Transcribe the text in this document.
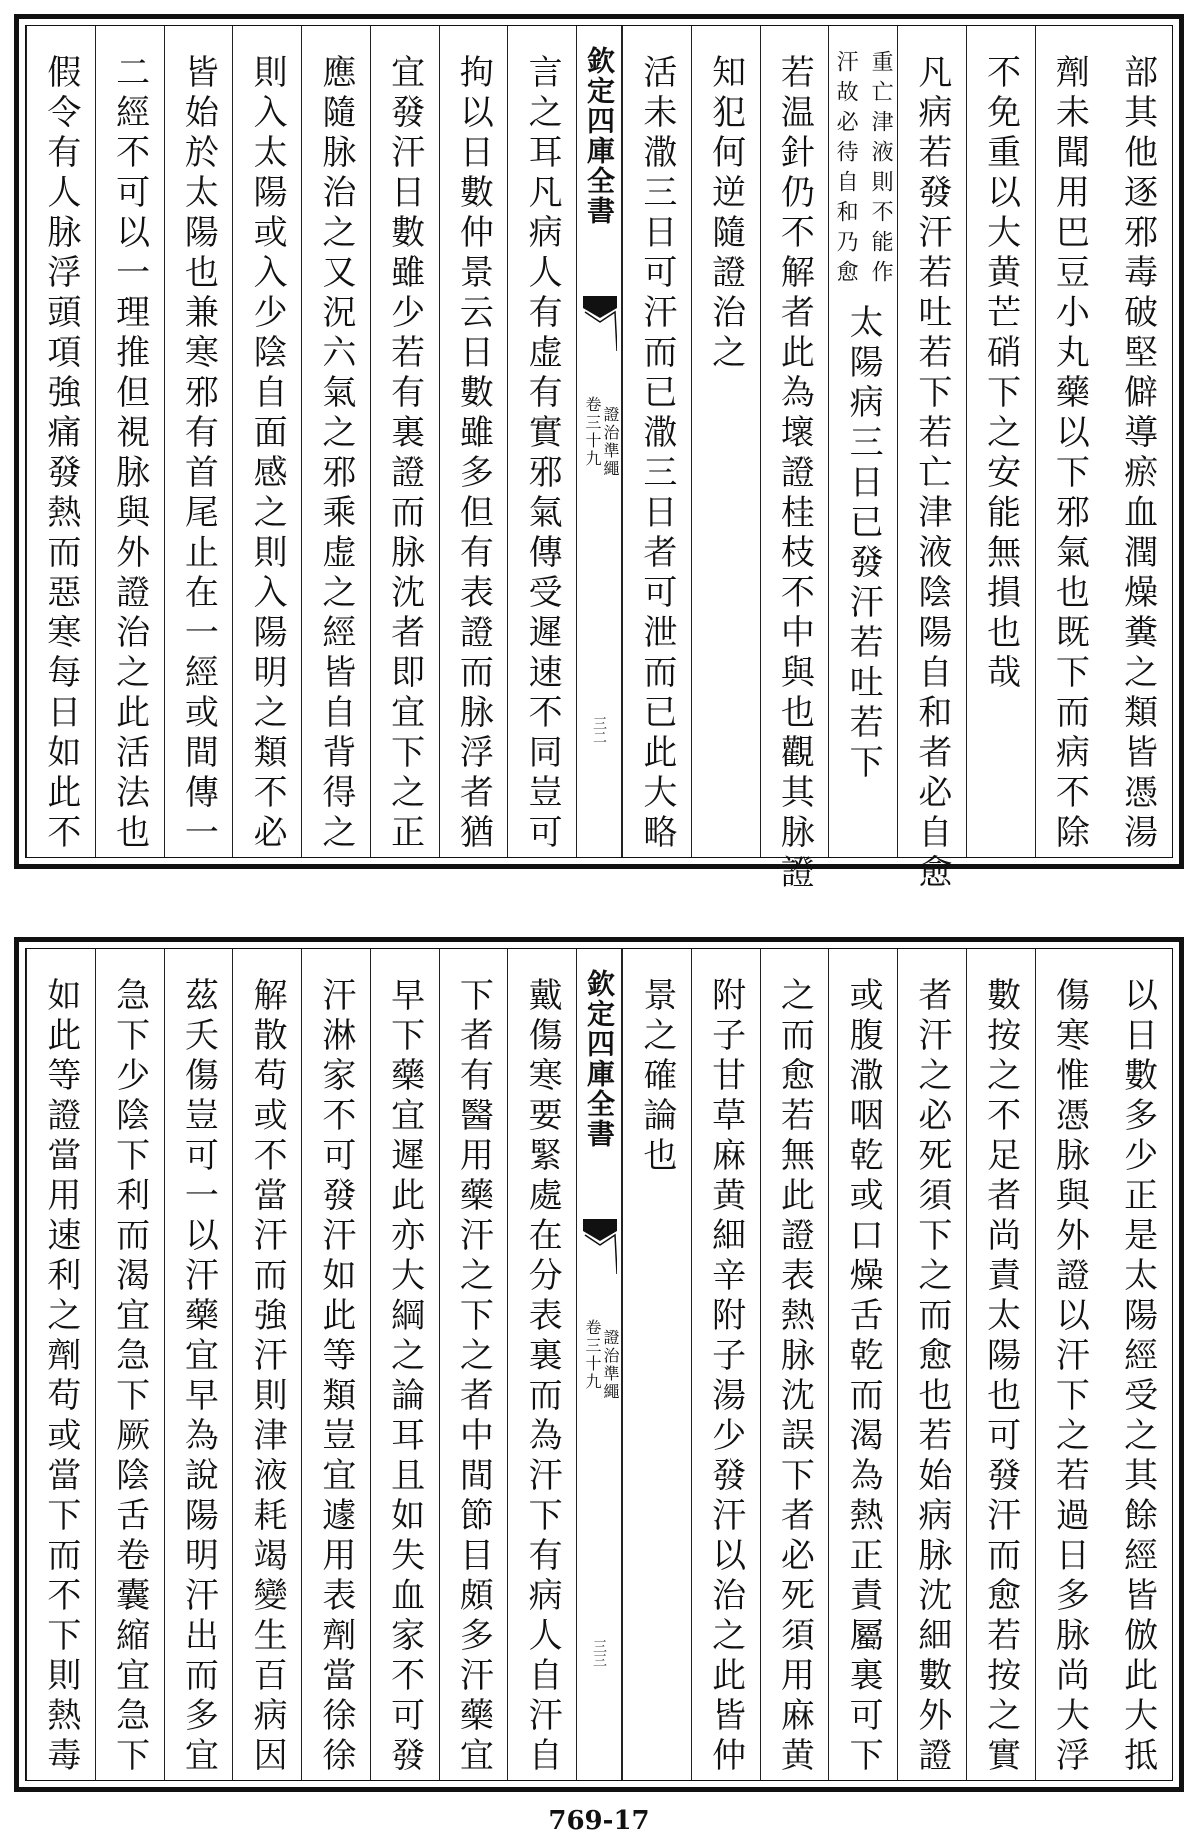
部其他逐邪毒破堅僻導瘀血潤燥糞之類皆憑湯
劑未聞用巴豆小丸藥以下邪氣也既下而病不除
不免重以大黄芒硝下之安能無損也哉
凡病若發汗若吐若下若亡津液陰陽自和者必自愈
重亡津液則不能作
汗故必待自和乃愈
太陽病三日已發汗若吐若下
若温針仍不解者此為壞證桂枝不中與也觀其脉證
知犯何逆隨證治之
活未潵三日可汗而已潵三日者可泄而已此大略
言之耳凡病人有虚有實邪氣傳受遲速不同豈可
拘以日數仲景云日數雖多但有表證而脉浮者猶
宜發汗日數雖少若有裏證而脉沈者即宜下之正
應隨脉治之又況六氣之邪乘虚之經皆自背得之
則入太陽或入少陰自面感之則入陽明之類不必
皆始於太陽也兼寒邪有首尾止在一經或間傳一
二經不可以一理推但視脉與外證治之此活法也
假令有人脉浮頭項強痛發熱而惡寒每日如此不	欽定四庫全書
證治準繩
卷三十九
三二
以日數多少正是太陽經受之其餘經皆倣此大抵
傷寒惟憑脉與外證以汗下之若過日多脉尚大浮
數按之不足者尚責太陽也可發汗而愈若按之實
者汗之必死須下之而愈也若始病脉沈細數外證
或腹潵咽乾或口燥舌乾而渴為熱正責屬裏可下
之而愈若無此證表熱脉沈誤下者必死須用麻黄
附子甘草麻黄細辛附子湯少發汗以治之此皆仲
景之確論也
戴傷寒要緊處在分表裏而為汗下有病人自汗自
下者有醫用藥汗之下之者中間節目頗多汗藥宜
早下藥宜遲此亦大綱之論耳且如失血家不可發
汗淋家不可發汗如此等類豈宜遽用表劑當徐徐
解散苟或不當汗而強汗則津液耗竭變生百病因
茲夭傷豈可一以汗藥宜早為說陽明汗出而多宜
急下少陰下利而渴宜急下厥陰舌卷囊縮宜急下
如此等證當用速利之劑苟或當下而不下則熱毒	欽定四庫全書
證治準繩
卷三十九
三三
769-17
